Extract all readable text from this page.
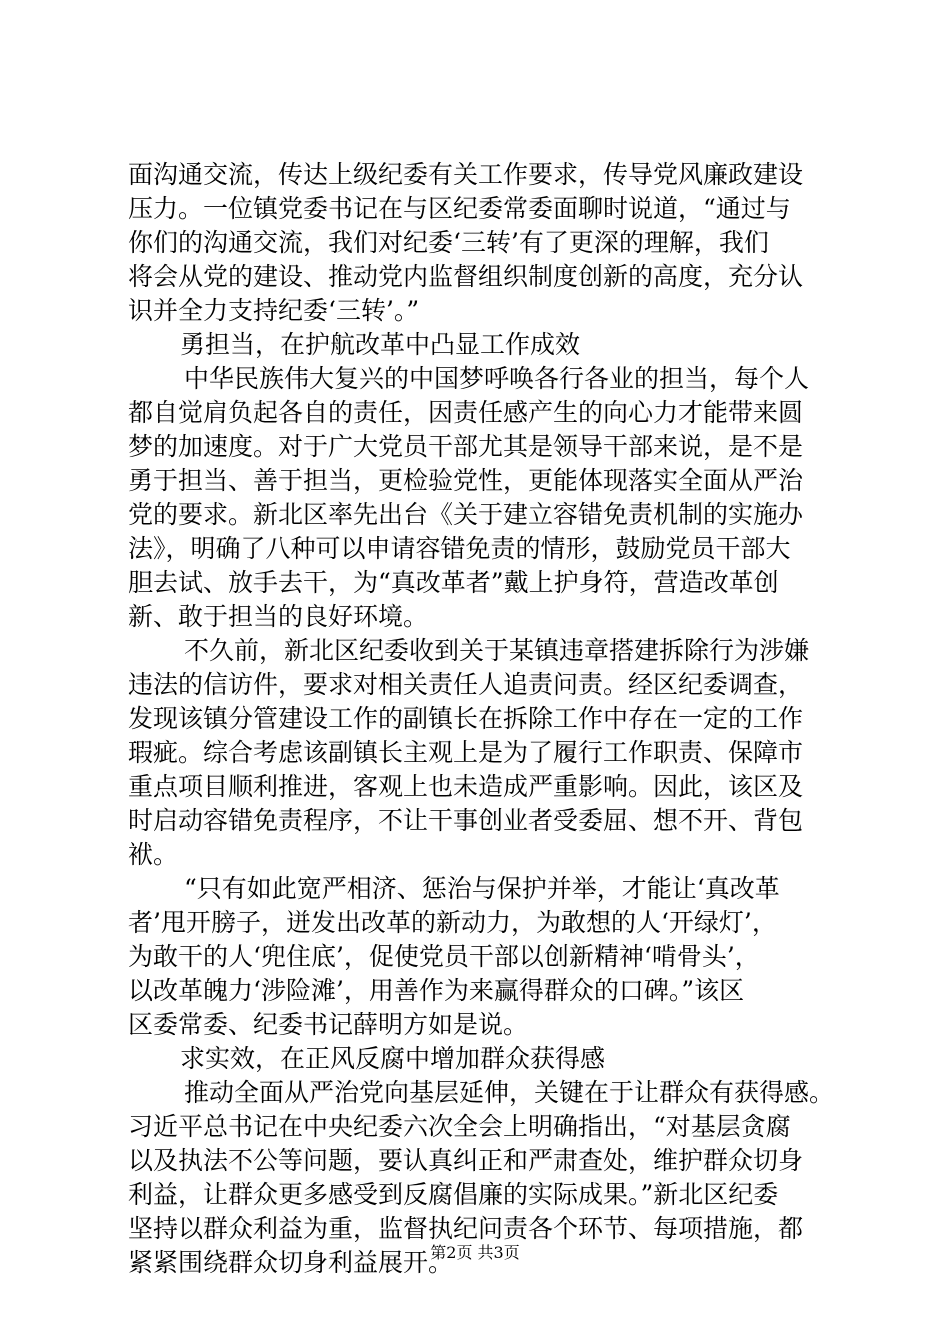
面沟通交流，传达上级纪委有关工作要求，传导党风廉政建设
压力。一位镇党委书记在与区纪委常委面聊时说道，“通过与
你们的沟通交流，我们对纪委‘三转’有了更深的理解，我们
将会从党的建设、推动党内监督组织制度创新的高度，充分认
识并全力支持纪委‘三转’。”
勇担当，在护航改革中凸显工作成效
中华民族伟大复兴的中国梦呼唤各行各业的担当，每个人
都自觉肩负起各自的责任，因责任感产生的向心力才能带来圆
梦的加速度。对于广大党员干部尤其是领导干部来说，是不是
勇于担当、善于担当，更检验党性，更能体现落实全面从严治
党的要求。新北区率先出台《关于建立容错免责机制的实施办
法》，明确了八种可以申请容错免责的情形，鼓励党员干部大
胆去试、放手去干，为“真改革者”戴上护身符，营造改革创
新、敢于担当的良好环境。
不久前，新北区纪委收到关于某镇违章搭建拆除行为涉嫌
违法的信访件，要求对相关责任人追责问责。经区纪委调查，
发现该镇分管建设工作的副镇长在拆除工作中存在一定的工作
瑕疵。综合考虑该副镇长主观上是为了履行工作职责、保障市
重点项目顺利推进，客观上也未造成严重影响。因此，该区及
时启动容错免责程序，不让干事创业者受委屈、想不开、背包
袱。
“只有如此宽严相济、惩治与保护并举，才能让‘真改革
者’甩开膀子，迸发出改革的新动力，为敢想的人‘开绿灯’，
为敢干的人‘兜住底’，促使党员干部以创新精神‘啃骨头’，
以改革魄力‘涉险滩’，用善作为来赢得群众的口碑。”该区
区委常委、纪委书记薛明方如是说。
求实效，在正风反腐中增加群众获得感
推动全面从严治党向基层延伸，关键在于让群众有获得感。
习近平总书记在中央纪委六次全会上明确指出，“对基层贪腐
以及执法不公等问题，要认真纠正和严肃查处，维护群众切身
利益，让群众更多感受到反腐倡廉的实际成果。”新北区纪委
坚持以群众利益为重，监督执纪问责各个环节、每项措施，都
紧紧围绕群众切身利益展开。
第2页 共3页
